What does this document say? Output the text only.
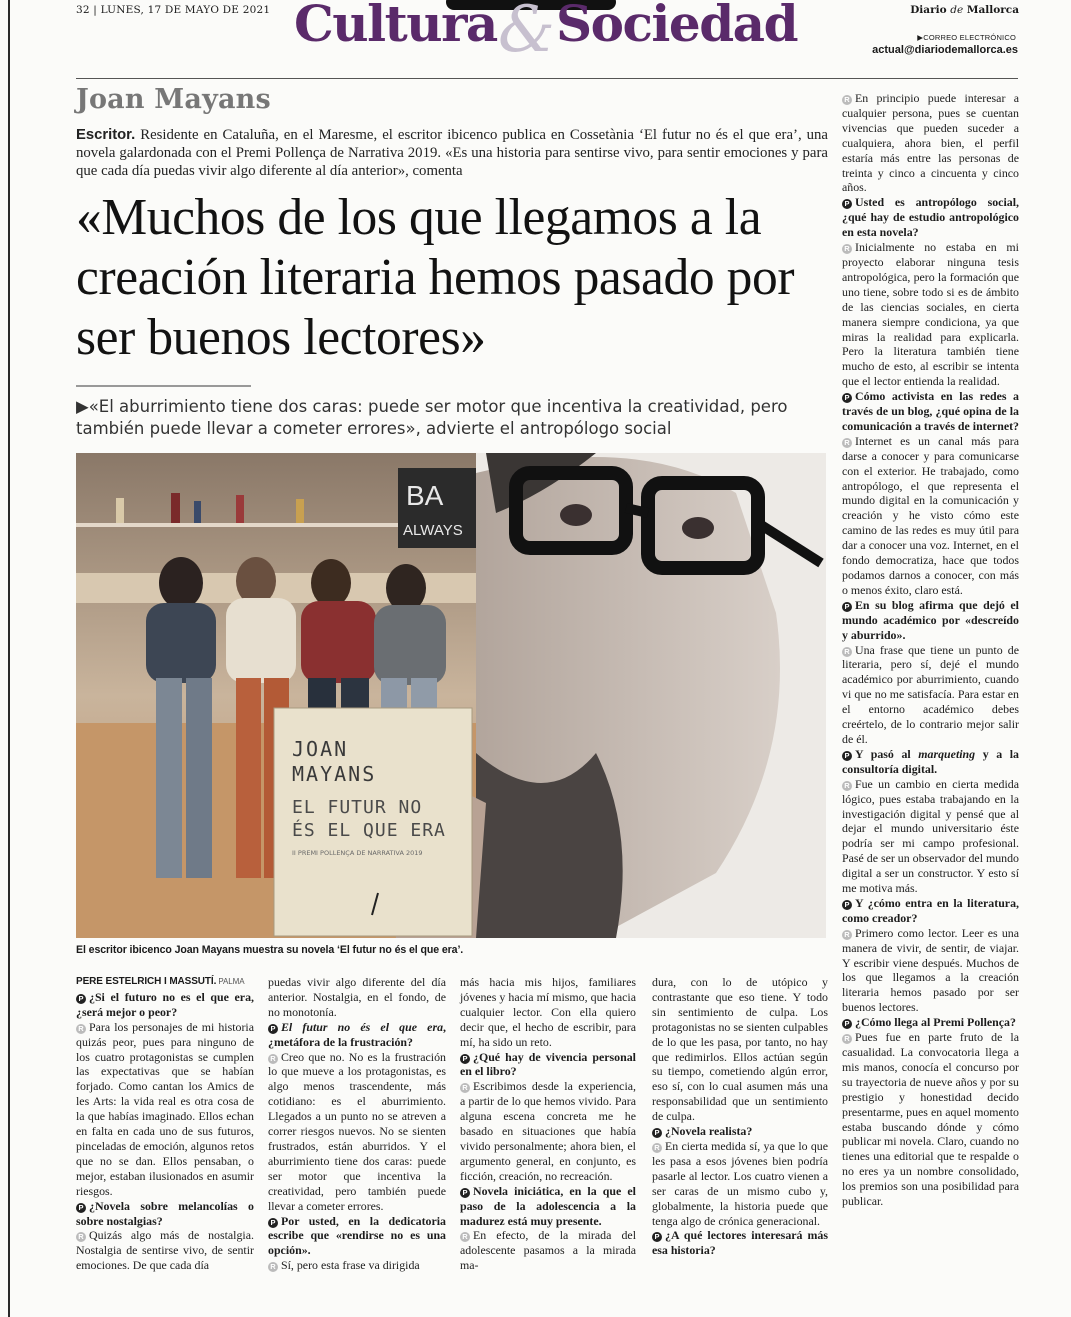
32 | LUNES, 17 DE MAYO DE 2021	&
Cultura Sociedad	Diario de Mallorca
▶CORREO ELECTRÓNICO
actual@diariodemallorca.es
Joan Mayans
Escritor. Residente en Cataluña, en el Maresme, el escritor ibicenco publica en Cossetània ‘El futur no és el que era’, una novela galardonada con el Premi Pollença de Narrativa 2019. «Es una historia para sentirse vivo, para sentir emociones y para que cada día puedas vivir algo diferente al día anterior», comenta
«Muchos de los que llegamos a la creación literaria hemos pasado por ser buenos lectores»
▶«El aburrimiento tiene dos caras: puede ser motor que incentiva la creatividad, pero también puede llevar a cometer errores», advierte el antropólogo social
BA
ALWAYS
JOAN
MAYANS
EL FUTUR NO
ÉS EL QUE ERA
II PREMI POLLENÇA DE NARRATIVA 2019
El escritor ibicenco Joan Mayans muestra su novela ‘El futur no és el que era’.

PERE ESTELRICH I MASSUTÍ. PALMA

P ¿Si el futuro no es el que era, ¿será mejor o peor?

R Para los personajes de mi historia quizás peor, pues para ninguno de los cuatro protagonistas se cumplen las expectativas que se habían forjado. Como cantan los Amics de les Arts: la vida real es otra cosa de la que habías imaginado. Ellos echan en falta en cada uno de sus futuros, pinceladas de emoción, algunos retos que no se dan. Ellos pensaban, o mejor, estaban ilusionados en asumir riesgos.

P ¿Novela sobre melancolías o sobre nostalgias?

R Quizás algo más de nostalgia. Nostalgia de sentirse vivo, de sentir emociones. De que cada día

puedas vivir algo diferente del día anterior. Nostalgia, en el fondo, de no monotonía.

P El futur no és el que era, ¿metáfora de la frustración?

R Creo que no. No es la frustración lo que mueve a los protagonistas, es algo menos trascendente, más cotidiano: es el aburrimiento. Llegados a un punto no se atreven a correr riesgos nuevos. No se sienten frustrados, están aburridos. Y el aburrimiento tiene dos caras: puede ser motor que incentiva la creatividad, pero también puede llevar a cometer errores.

P Por usted, en la dedicatoria escribe que «rendirse no es una opción».

R Sí, pero esta frase va dirigida

más hacia mis hijos, familiares jóvenes y hacia mí mismo, que hacia cualquier lector. Con ella quiero decir que, el hecho de escribir, para mí, ha sido un reto.

P ¿Qué hay de vivencia personal en el libro?

R Escribimos desde la experiencia, a partir de lo que hemos vivido. Para alguna escena concreta me he basado en situaciones que había vivido personalmente; ahora bien, el argumento general, en conjunto, es ficción, creación, no recreación.

P Novela iniciática, en la que el paso de la adolescencia a la madurez está muy presente.

R En efecto, de la mirada del adolescente pasamos a la mirada ma-

dura, con lo de utópico y contrastante que eso tiene. Y todo sin sentimiento de culpa. Los protagonistas no se sienten culpables de lo que les pasa, por tanto, no hay que redimirlos. Ellos actúan según su tiempo, cometiendo algún error, eso sí, con lo cual asumen más una responsabilidad que un sentimiento de culpa.

P ¿Novela realista?

R En cierta medida sí, ya que lo que les pasa a esos jóvenes bien podría pasarle al lector. Los cuatro vienen a ser caras de un mismo cubo y, globalmente, la historia puede que tenga algo de crónica generacional.

P ¿A qué lectores interesará más esa historia?

R En principio puede interesar a cualquier persona, pues se cuentan vivencias que pueden suceder a cualquiera, ahora bien, el perfil estaría más entre las personas de treinta y cinco a cincuenta y cinco años.

P Usted es antropólogo social, ¿qué hay de estudio antropológico en esta novela?

R Inicialmente no estaba en mi proyecto elaborar ninguna tesis antropológica, pero la formación que uno tiene, sobre todo si es de ámbito de las ciencias sociales, en cierta manera siempre condiciona, ya que miras la realidad para explicarla. Pero la literatura también tiene mucho de esto, al escribir se intenta que el lector entienda la realidad.

P Cómo activista en las redes a través de un blog, ¿qué opina de la comunicación a través de internet?

R Internet es un canal más para darse a conocer y para comunicarse con el exterior. He trabajado, como antropólogo, el que representa el mundo digital en la comunicación y creación y he visto cómo este camino de las redes es muy útil para dar a conocer una voz. Internet, en el fondo democratiza, hace que todos podamos darnos a conocer, con más o menos éxito, claro está.

P En su blog afirma que dejó el mundo académico por «descreído y aburrido».

R Una frase que tiene un punto de literaria, pero sí, dejé el mundo académico por aburrimiento, cuando vi que no me satisfacía. Para estar en el entorno académico debes creértelo, de lo contrario mejor salir de él.

P Y pasó al marqueting y a la consultoría digital.

R Fue un cambio en cierta medida lógico, pues estaba trabajando en la investigación digital y pensé que al dejar el mundo universitario éste podría ser mi campo profesional. Pasé de ser un observador del mundo digital a ser un constructor. Y esto sí me motiva más.

P Y ¿cómo entra en la literatura, como creador?

R Primero como lector. Leer es una manera de vivir, de sentir, de viajar. Y escribir viene después. Muchos de los que llegamos a la creación literaria hemos pasado por ser buenos lectores.

P ¿Cómo llega al Premi Pollença?

R Pues fue en parte fruto de la casualidad. La convocatoria llega a mis manos, conocía el concurso por su trayectoria de nueve años y por su prestigio y honestidad decido presentarme, pues en aquel momento estaba buscando dónde y cómo publicar mi novela. Claro, cuando no tienes una editorial que te respalde o no eres ya un nombre consolidado, los premios son una posibilidad para publicar.
